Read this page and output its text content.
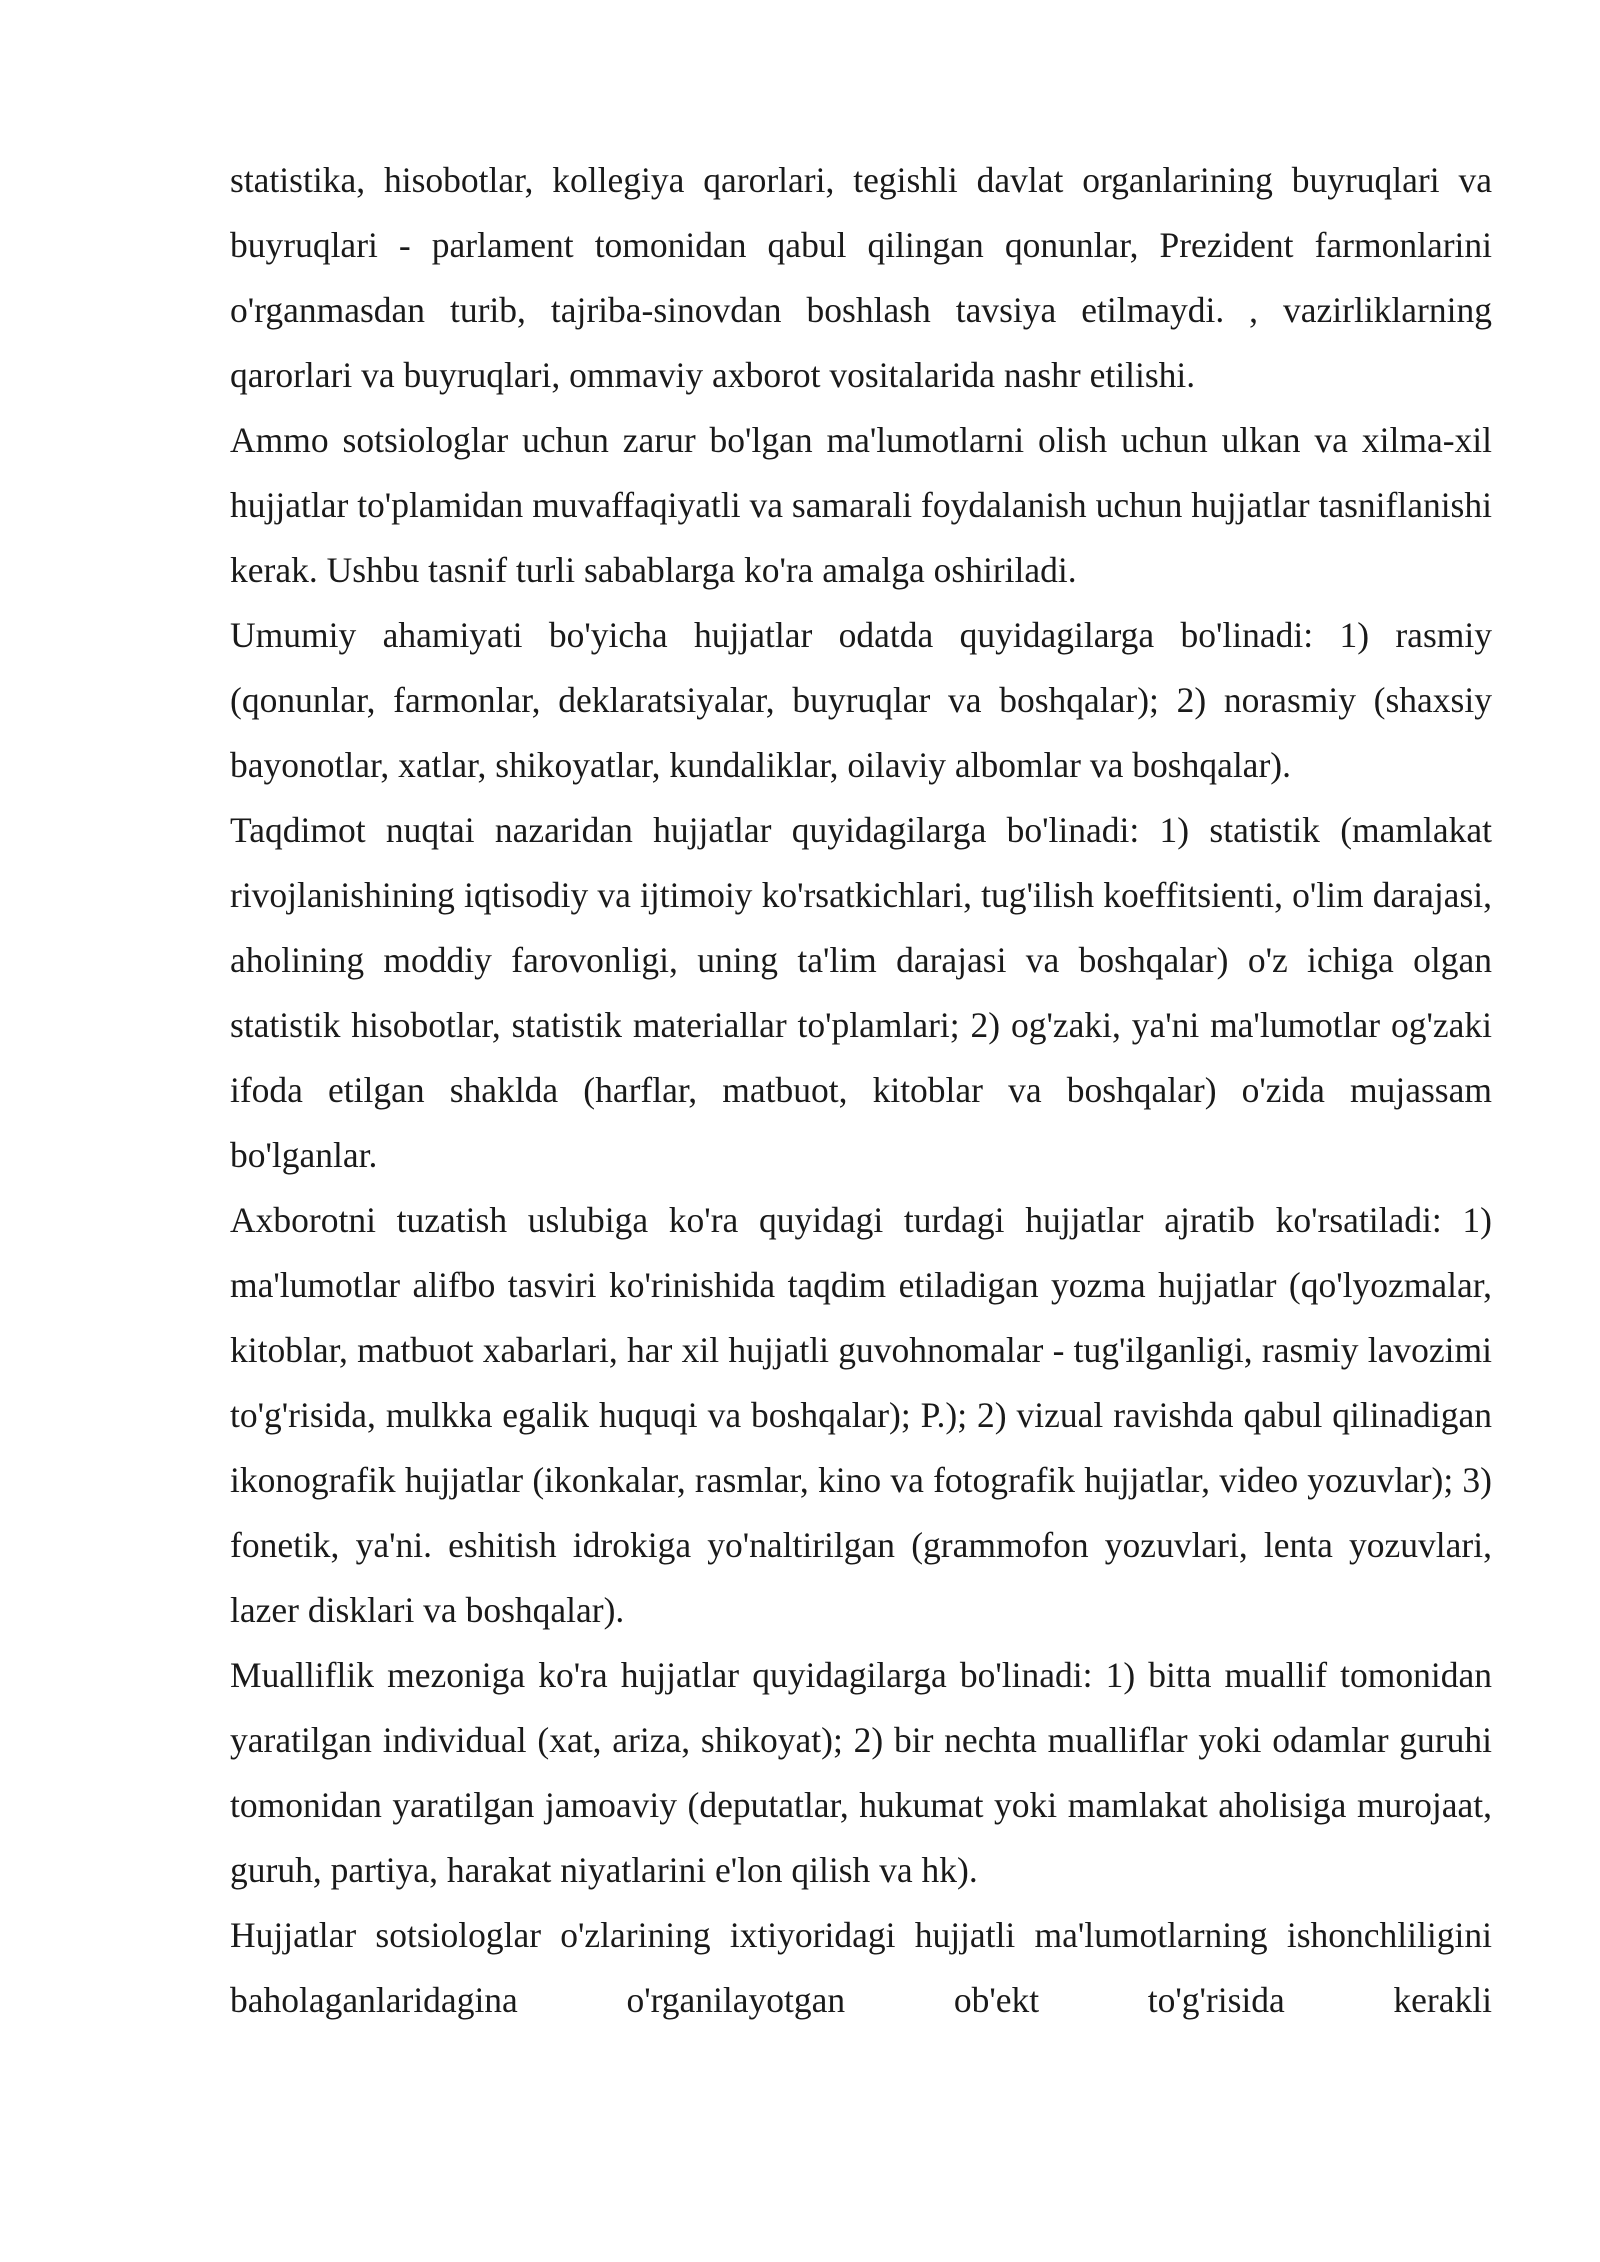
statistika, hisobotlar, kollegiya qarorlari, tegishli davlat organlarining buyruqlari va buyruqlari - parlament tomonidan qabul qilingan qonunlar, Prezident farmonlarini o'rganmasdan turib, tajriba-sinovdan boshlash tavsiya etilmaydi. , vazirliklarning qarorlari va buyruqlari, ommaviy axborot vositalarida nashr etilishi.

Ammo sotsiologlar uchun zarur bo'lgan ma'lumotlarni olish uchun ulkan va xilma-xil hujjatlar to'plamidan muvaffaqiyatli va samarali foydalanish uchun hujjatlar tasniflanishi kerak. Ushbu tasnif turli sabablarga ko'ra amalga oshiriladi.

Umumiy ahamiyati bo'yicha hujjatlar odatda quyidagilarga bo'linadi: 1) rasmiy (qonunlar, farmonlar, deklaratsiyalar, buyruqlar va boshqalar); 2) norasmiy (shaxsiy bayonotlar, xatlar, shikoyatlar, kundaliklar, oilaviy albomlar va boshqalar).

Taqdimot nuqtai nazaridan hujjatlar quyidagilarga bo'linadi: 1) statistik (mamlakat rivojlanishining iqtisodiy va ijtimoiy ko'rsatkichlari, tug'ilish koeffitsienti, o'lim darajasi, aholining moddiy farovonligi, uning ta'lim darajasi va boshqalar) o'z ichiga olgan statistik hisobotlar, statistik materiallar to'plamlari; 2) og'zaki, ya'ni ma'lumotlar og'zaki ifoda etilgan shaklda (harflar, matbuot, kitoblar va boshqalar) o'zida mujassam bo'lganlar.

Axborotni tuzatish uslubiga ko'ra quyidagi turdagi hujjatlar ajratib ko'rsatiladi: 1) ma'lumotlar alifbo tasviri ko'rinishida taqdim etiladigan yozma hujjatlar (qo'lyozmalar, kitoblar, matbuot xabarlari, har xil hujjatli guvohnomalar - tug'ilganligi, rasmiy lavozimi to'g'risida, mulkka egalik huquqi va boshqalar); P.); 2) vizual ravishda qabul qilinadigan ikonografik hujjatlar (ikonkalar, rasmlar, kino va fotografik hujjatlar, video yozuvlar); 3) fonetik, ya'ni. eshitish idrokiga yo'naltirilgan (grammofon yozuvlari, lenta yozuvlari, lazer disklari va boshqalar).

Mualliflik mezoniga ko'ra hujjatlar quyidagilarga bo'linadi: 1) bitta muallif tomonidan yaratilgan individual (xat, ariza, shikoyat); 2) bir nechta mualliflar yoki odamlar guruhi tomonidan yaratilgan jamoaviy (deputatlar, hukumat yoki mamlakat aholisiga murojaat, guruh, partiya, harakat niyatlarini e'lon qilish va hk).

Hujjatlar sotsiologlar o'zlarining ixtiyoridagi hujjatli ma'lumotlarning ishonchliligini baholaganlaridagina o'rganilayotgan ob'ekt to'g'risida kerakli
